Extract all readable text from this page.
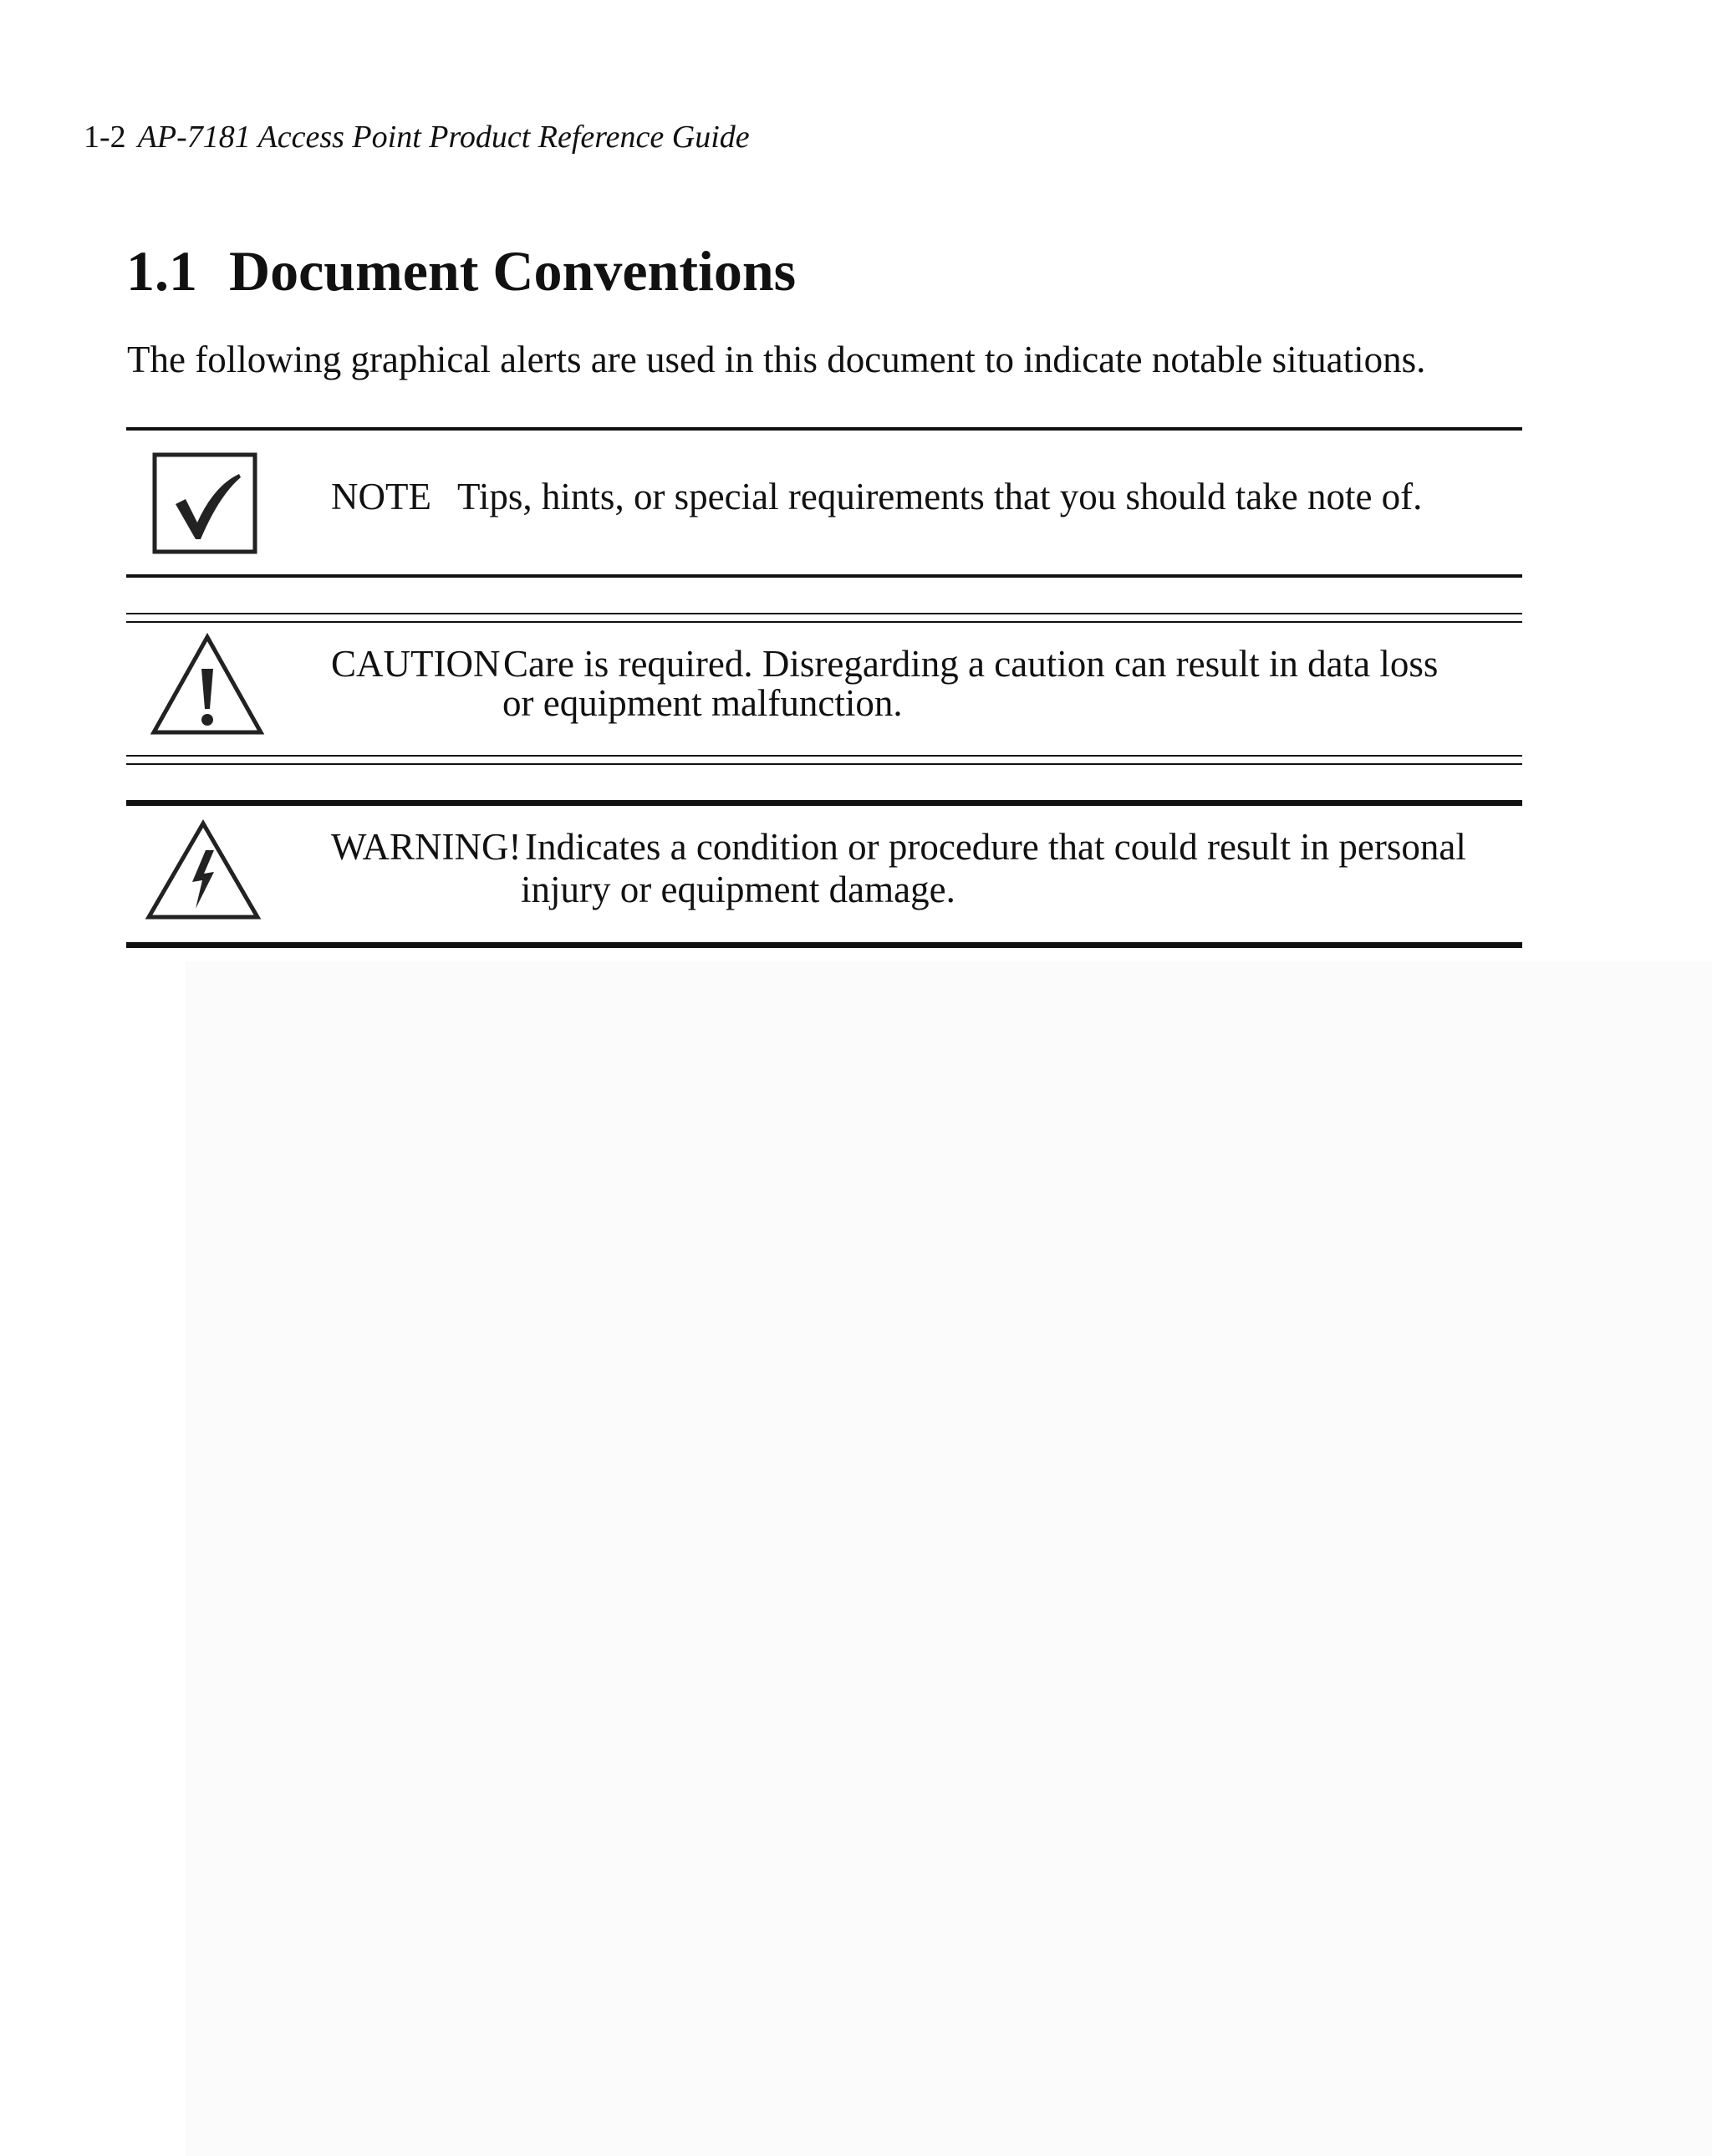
1-2 AP-7181 Access Point Product Reference Guide
1.1 Document Conventions

The following graphical alerts are used in this document to indicate notable situations.

NOTE Tips, hints, or special requirements that you should take note of.
CAUTION Care is required. Disregarding a caution can result in data loss
or equipment malfunction.
WARNING! Indicates a condition or procedure that could result in personal
injury or equipment damage.
